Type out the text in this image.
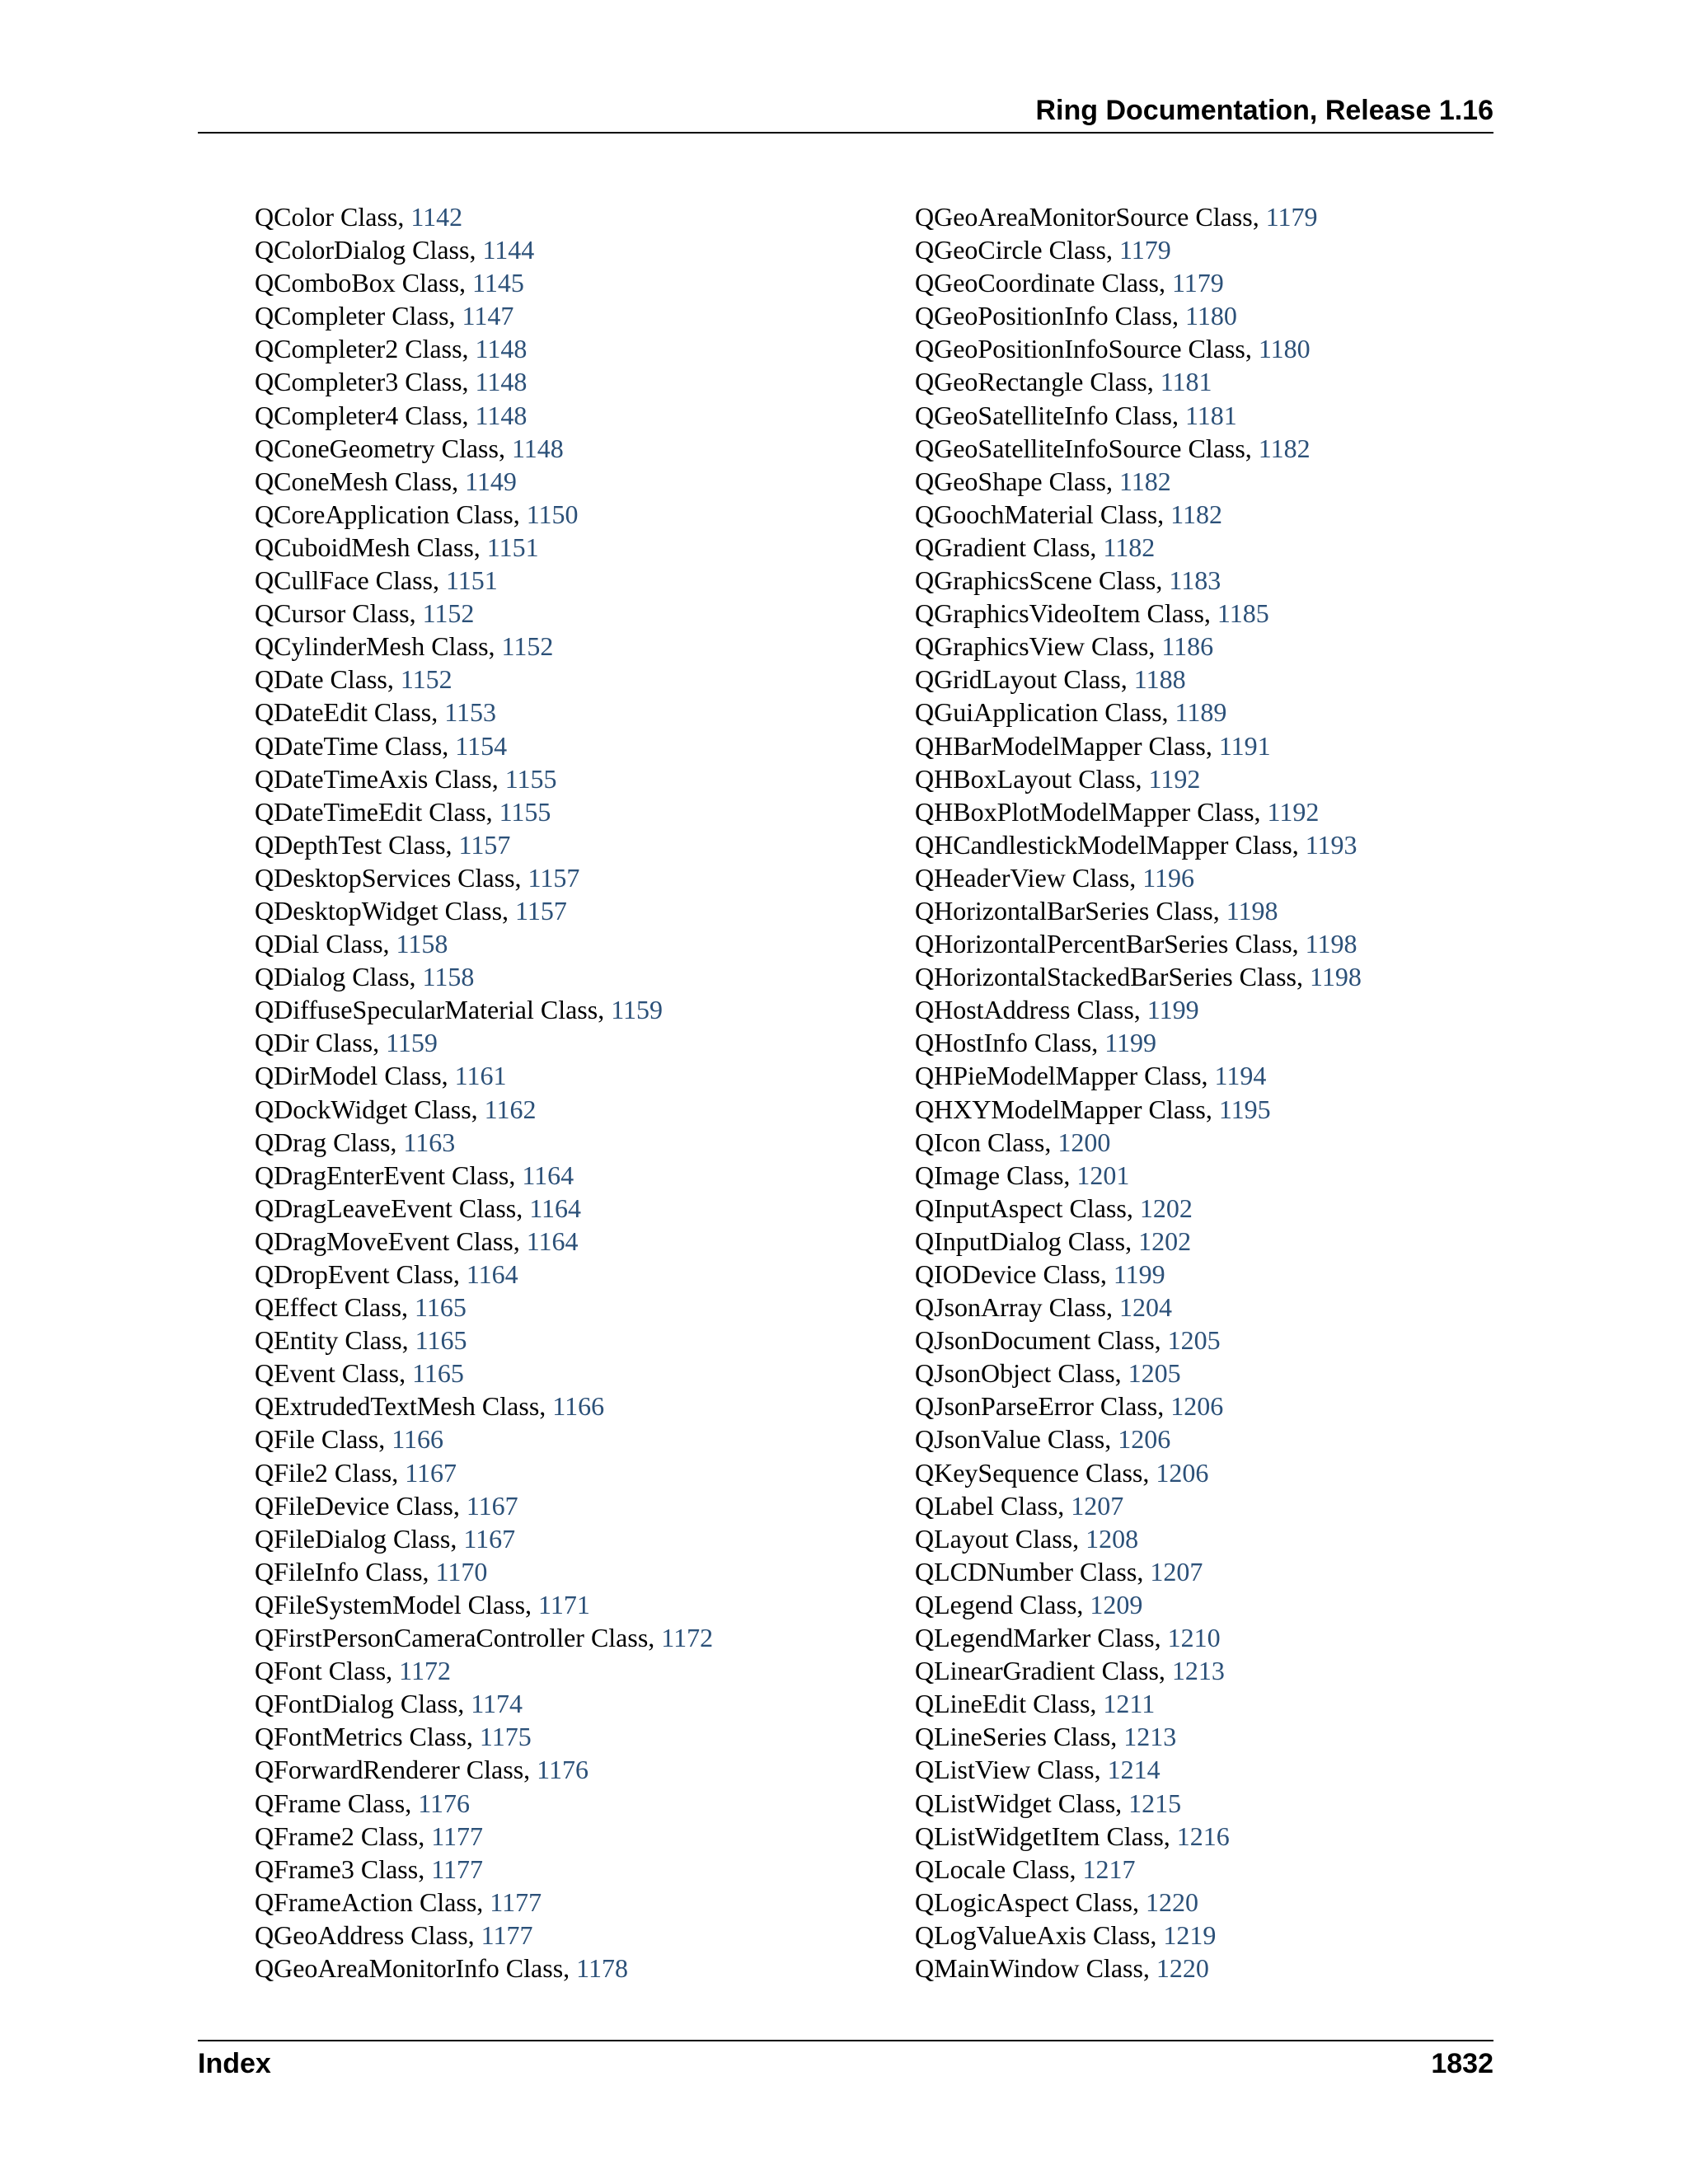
Ring Documentation, Release 1.16
QColor Class, 1142
QColorDialog Class, 1144
QComboBox Class, 1145
QCompleter Class, 1147
QCompleter2 Class, 1148
QCompleter3 Class, 1148
QCompleter4 Class, 1148
QConeGeometry Class, 1148
QConeMesh Class, 1149
QCoreApplication Class, 1150
QCuboidMesh Class, 1151
QCullFace Class, 1151
QCursor Class, 1152
QCylinderMesh Class, 1152
QDate Class, 1152
QDateEdit Class, 1153
QDateTime Class, 1154
QDateTimeAxis Class, 1155
QDateTimeEdit Class, 1155
QDepthTest Class, 1157
QDesktopServices Class, 1157
QDesktopWidget Class, 1157
QDial Class, 1158
QDialog Class, 1158
QDiffuseSpecularMaterial Class, 1159
QDir Class, 1159
QDirModel Class, 1161
QDockWidget Class, 1162
QDrag Class, 1163
QDragEnterEvent Class, 1164
QDragLeaveEvent Class, 1164
QDragMoveEvent Class, 1164
QDropEvent Class, 1164
QEffect Class, 1165
QEntity Class, 1165
QEvent Class, 1165
QExtrudedTextMesh Class, 1166
QFile Class, 1166
QFile2 Class, 1167
QFileDevice Class, 1167
QFileDialog Class, 1167
QFileInfo Class, 1170
QFileSystemModel Class, 1171
QFirstPersonCameraController Class, 1172
QFont Class, 1172
QFontDialog Class, 1174
QFontMetrics Class, 1175
QForwardRenderer Class, 1176
QFrame Class, 1176
QFrame2 Class, 1177
QFrame3 Class, 1177
QFrameAction Class, 1177
QGeoAddress Class, 1177
QGeoAreaMonitorInfo Class, 1178
QGeoAreaMonitorSource Class, 1179
QGeoCircle Class, 1179
QGeoCoordinate Class, 1179
QGeoPositionInfo Class, 1180
QGeoPositionInfoSource Class, 1180
QGeoRectangle Class, 1181
QGeoSatelliteInfo Class, 1181
QGeoSatelliteInfoSource Class, 1182
QGeoShape Class, 1182
QGoochMaterial Class, 1182
QGradient Class, 1182
QGraphicsScene Class, 1183
QGraphicsVideoItem Class, 1185
QGraphicsView Class, 1186
QGridLayout Class, 1188
QGuiApplication Class, 1189
QHBarModelMapper Class, 1191
QHBoxLayout Class, 1192
QHBoxPlotModelMapper Class, 1192
QHCandlestickModelMapper Class, 1193
QHeaderView Class, 1196
QHorizontalBarSeries Class, 1198
QHorizontalPercentBarSeries Class, 1198
QHorizontalStackedBarSeries Class, 1198
QHostAddress Class, 1199
QHostInfo Class, 1199
QHPieModelMapper Class, 1194
QHXYModelMapper Class, 1195
QIcon Class, 1200
QImage Class, 1201
QInputAspect Class, 1202
QInputDialog Class, 1202
QIODevice Class, 1199
QJsonArray Class, 1204
QJsonDocument Class, 1205
QJsonObject Class, 1205
QJsonParseError Class, 1206
QJsonValue Class, 1206
QKeySequence Class, 1206
QLabel Class, 1207
QLayout Class, 1208
QLCDNumber Class, 1207
QLegend Class, 1209
QLegendMarker Class, 1210
QLinearGradient Class, 1213
QLineEdit Class, 1211
QLineSeries Class, 1213
QListView Class, 1214
QListWidget Class, 1215
QListWidgetItem Class, 1216
QLocale Class, 1217
QLogicAspect Class, 1220
QLogValueAxis Class, 1219
QMainWindow Class, 1220
Index	1832
